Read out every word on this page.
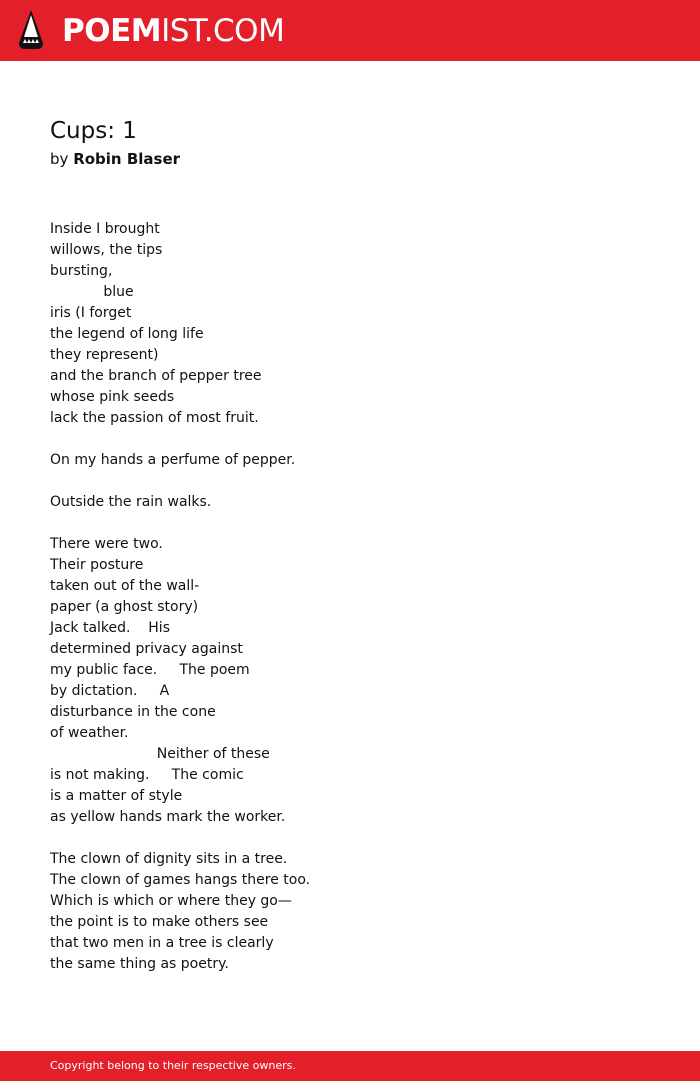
POEMIST.COM
Cups: 1
by Robin Blaser
Inside I brought
willows, the tips
bursting,
blue
iris (I forget
the legend of long life
they represent)
and the branch of pepper tree
whose pink seeds
lack the passion of most fruit.

On my hands a perfume of pepper.

Outside the rain walks.

There were two.
Their posture
taken out of the wall-
paper (a ghost story)
Jack talked.    His
determined privacy against
my public face.     The poem
by dictation.     A
disturbance in the cone
of weather.
Neither of these
is not making.     The comic
is a matter of style
as yellow hands mark the worker.

The clown of dignity sits in a tree.
The clown of games hangs there too.
Which is which or where they go—
the point is to make others see
that two men in a tree is clearly
the same thing as poetry.
Copyright belong to their respective owners.
